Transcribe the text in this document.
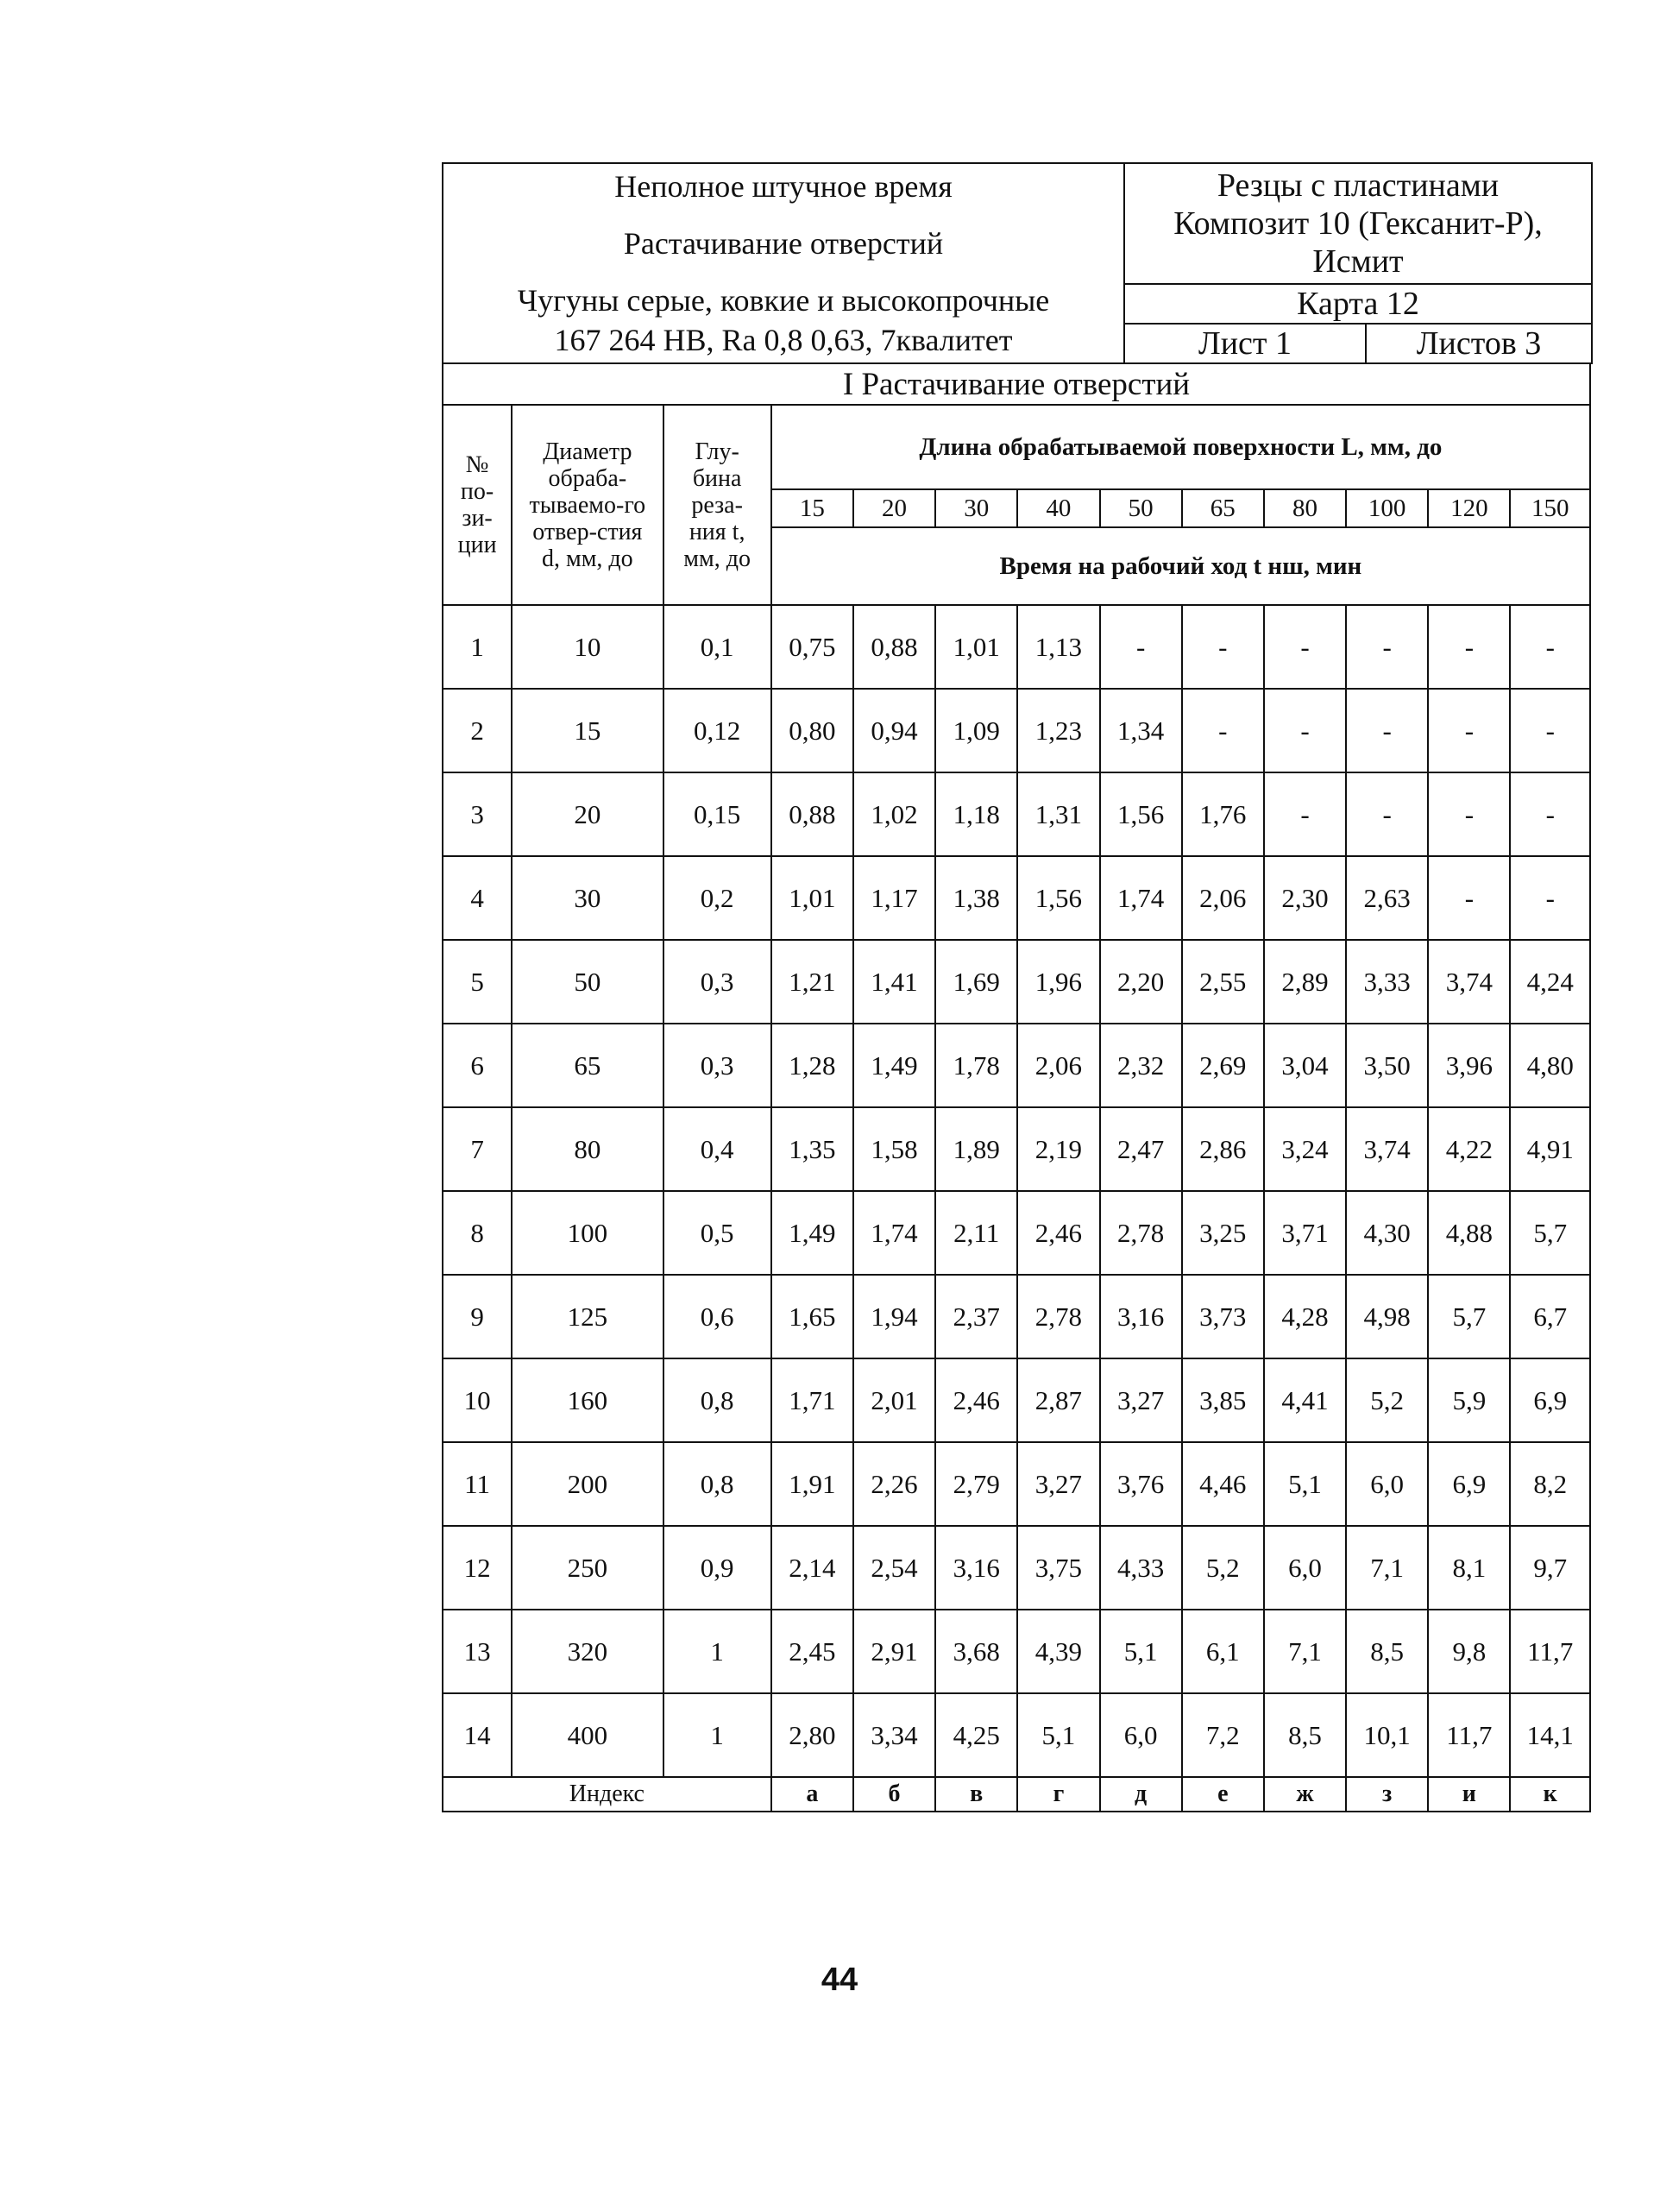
Неполное штучное время
Растачивание отверстий
Чугуны серые, ковкие и высокопрочные
167 264 HB, Ra 0,8 0,63, 7квалитет	Резцы с пластинами
Композит 10 (Гексанит-Р),
Исмит	

	Карта 12	
	Лист 1	Листов 3
I Растачивание отверстий												
№ по-зи-ции	Диаметр обраба-тываемо-го отвер-стия d, мм, до	Глу-бина реза-ния t, мм, до	Длина обрабатываемой поверхности L, мм, до									
			15	20	30	40	50	65	80	100	120	150
			Время на рабочий ход t нш, мин									
1	10	0,1	0,75	0,88	1,01	1,13	-	-	-	-	-	-
2	15	0,12	0,80	0,94	1,09	1,23	1,34	-	-	-	-	-
3	20	0,15	0,88	1,02	1,18	1,31	1,56	1,76	-	-	-	-
4	30	0,2	1,01	1,17	1,38	1,56	1,74	2,06	2,30	2,63	-	-
5	50	0,3	1,21	1,41	1,69	1,96	2,20	2,55	2,89	3,33	3,74	4,24
6	65	0,3	1,28	1,49	1,78	2,06	2,32	2,69	3,04	3,50	3,96	4,80
7	80	0,4	1,35	1,58	1,89	2,19	2,47	2,86	3,24	3,74	4,22	4,91
8	100	0,5	1,49	1,74	2,11	2,46	2,78	3,25	3,71	4,30	4,88	5,7
9	125	0,6	1,65	1,94	2,37	2,78	3,16	3,73	4,28	4,98	5,7	6,7
10	160	0,8	1,71	2,01	2,46	2,87	3,27	3,85	4,41	5,2	5,9	6,9
11	200	0,8	1,91	2,26	2,79	3,27	3,76	4,46	5,1	6,0	6,9	8,2
12	250	0,9	2,14	2,54	3,16	3,75	4,33	5,2	6,0	7,1	8,1	9,7
13	320	1	2,45	2,91	3,68	4,39	5,1	6,1	7,1	8,5	9,8	11,7
14	400	1	2,80	3,34	4,25	5,1	6,0	7,2	8,5	10,1	11,7	14,1
Индекс			а	б	в	г	д	е	ж	з	и	к
44
